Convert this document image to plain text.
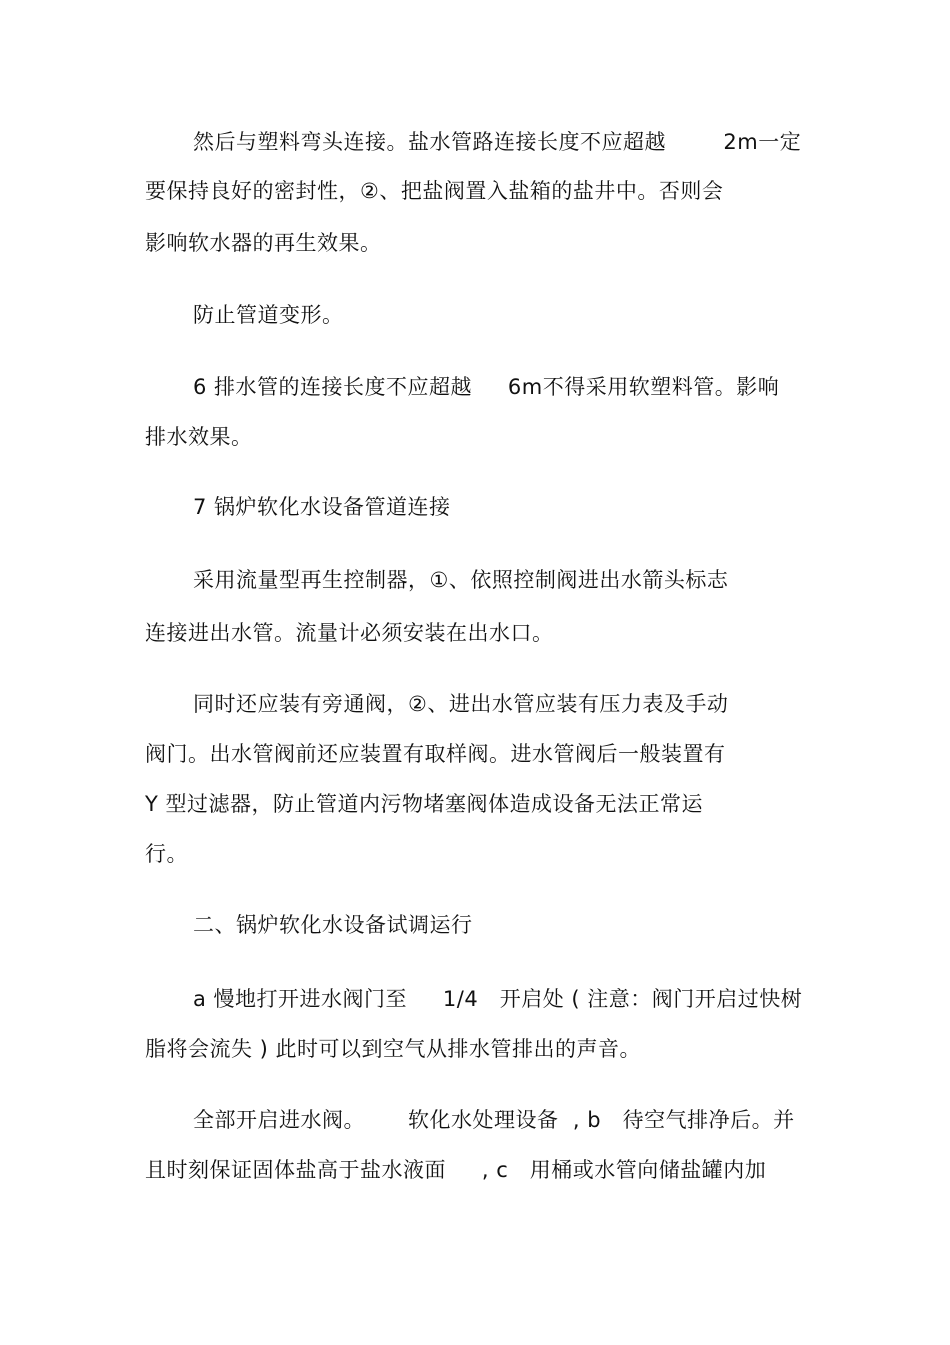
然后与塑料弯头连接。盐水管路连接长度不应超越        2m一定
要保持良好的密封性，②、把盐阀置入盐箱的盐井中。否则会
影响软水器的再生效果。
防止管道变形。
6 排水管的连接长度不应超越     6m不得采用软塑料管。影响
排水效果。
7 锅炉软化水设备管道连接
采用流量型再生控制器，①、依照控制阀进出水箭头标志
连接进出水管。流量计必须安装在出水口。
同时还应装有旁通阀，②、进出水管应装有压力表及手动
阀门。出水管阀前还应装置有取样阀。进水管阀后一般装置有
Y 型过滤器，防止管道内污物堵塞阀体造成设备无法正常运
行。
二、锅炉软化水设备试调运行
a 慢地打开进水阀门至     1/4   开启处 ( 注意：阀门开启过快树
脂将会流失 ) 此时可以到空气从排水管排出的声音。
全部开启进水阀。      软化水处理设备  , b   待空气排净后。并
且时刻保证固体盐高于盐水液面     , c   用桶或水管向储盐罐内加
